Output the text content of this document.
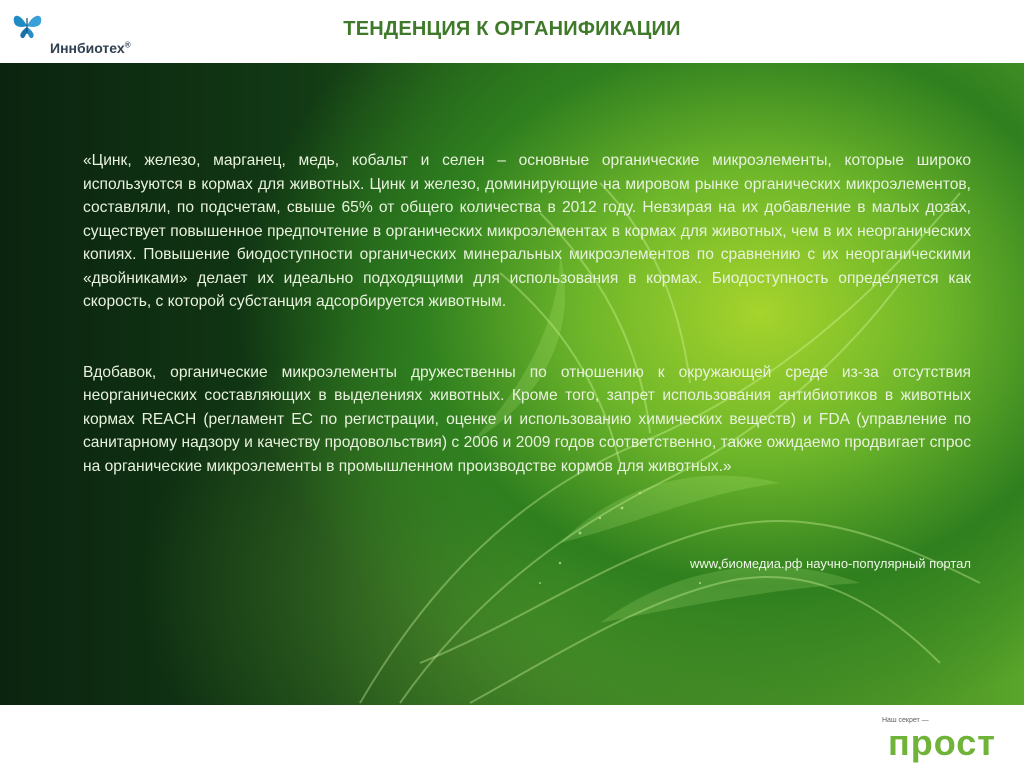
Иннбиотех®
ТЕНДЕНЦИЯ К ОРГАНИФИКАЦИИ

«Цинк, железо, марганец, медь, кобальт и селен – основные органические микроэлементы, которые широко используются в кормах для животных. Цинк и железо, доминирующие на мировом рынке органических микроэлементов, составляли, по подсчетам, свыше 65% от общего количества в 2012 году. Невзирая на их добавление в малых дозах, существует повышенное предпочтение в органических микроэлементах в кормах для животных, чем в их неорганических копиях. Повышение биодоступности органических минеральных микроэлементов по сравнению с их неорганическими «двойниками» делает их идеально подходящими для использования в кормах. Биодоступность определяется как скорость, с которой субстанция адсорбируется животным.

Вдобавок, органические микроэлементы дружественны по отношению к окружающей среде из-за отсутствия неорганических составляющих в выделениях животных. Кроме того, запрет использования антибиотиков в животных кормах REACH (регламент ЕС по регистрации, оценке и использованию химических веществ) и FDA (управление по санитарному надзору и качеству продовольствия) с 2006 и 2009 годов соответственно, также ожидаемо продвигает спрос на органические микроэлементы в промышленном производстве кормов для животных.»

www.биомедиа.рф научно-популярный портал
Наш секрет —
прост
